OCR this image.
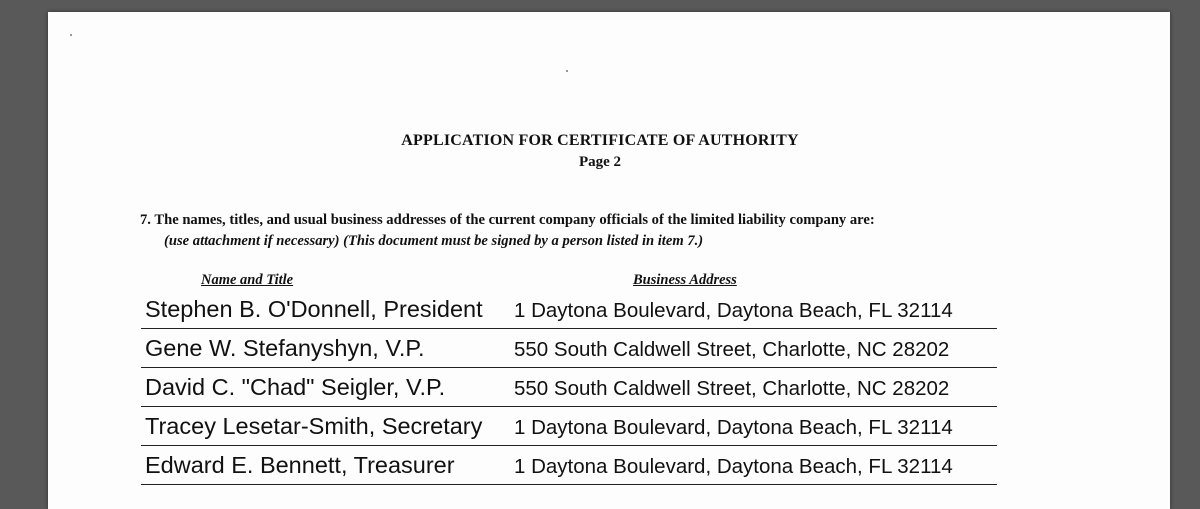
APPLICATION FOR CERTIFICATE OF AUTHORITY
Page 2
7. The names, titles, and usual business addresses of the current company officials of the limited liability company are:
(use attachment if necessary) (This document must be signed by a person listed in item 7.)
Name and Title	Business Address
Stephen B. O'Donnell, President 1 Daytona Boulevard, Daytona Beach, FL 32114
Gene W. Stefanyshyn, V.P.	550 South Caldwell Street, Charlotte, NC 28202
David C. "Chad" Seigler, V.P.	550 South Caldwell Street, Charlotte, NC 28202
Tracey Lesetar-Smith, Secretary 1 Daytona Boulevard, Daytona Beach, FL 32114
Edward E. Bennett, Treasurer	1 Daytona Boulevard, Daytona Beach, FL 32114
